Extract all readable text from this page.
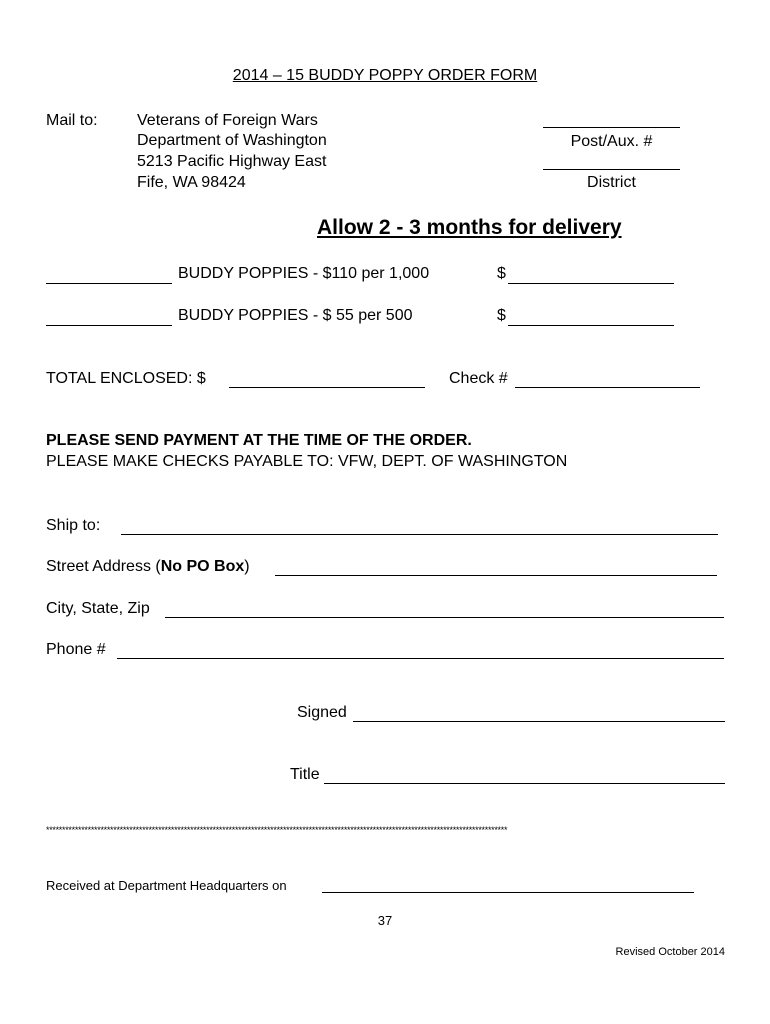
2014 – 15 BUDDY POPPY ORDER FORM
Mail to: Veterans of Foreign Wars
Department of Washington
5213 Pacific Highway East
Fife, WA 98424
Post/Aux. #
District
Allow 2 - 3 months for delivery
BUDDY POPPIES - $110 per 1,000	$
BUDDY POPPIES - $ 55 per 500	$
TOTAL ENCLOSED: $	Check #
PLEASE SEND PAYMENT AT THE TIME OF THE ORDER.
PLEASE MAKE CHECKS PAYABLE TO: VFW, DEPT. OF WASHINGTON
Ship to:
Street Address (No PO Box)
City, State, Zip
Phone #
Signed
Title
************************************************************************************************************************************************
Received at Department Headquarters on
37
Revised October 2014
